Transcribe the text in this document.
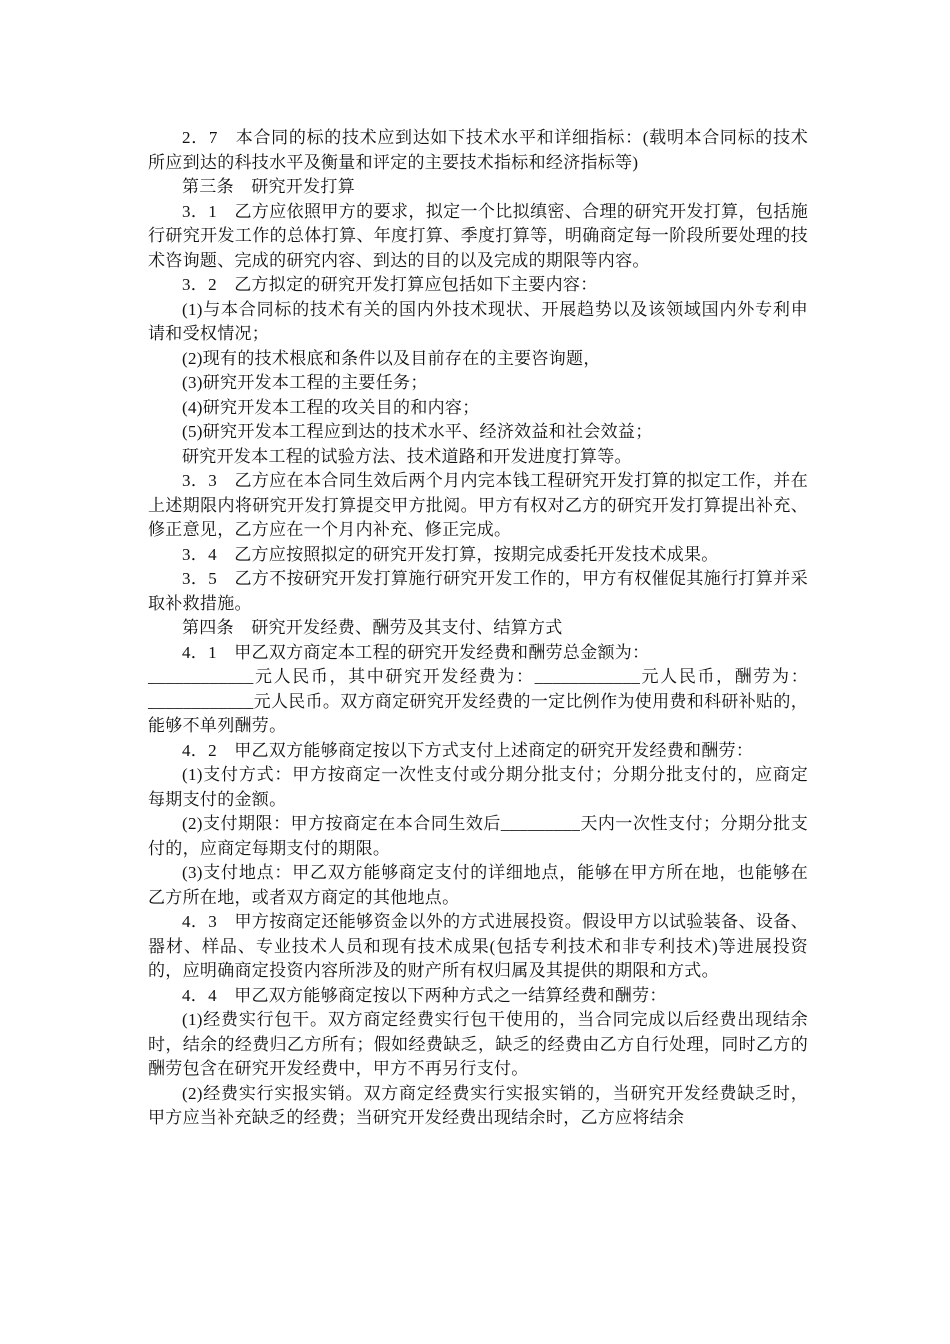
2．7　本合同的标的技术应到达如下技术水平和详细指标：(载明本合同标的技术所应到达的科技水平及衡量和评定的主要技术指标和经济指标等)

第三条　研究开发打算

3．1　乙方应依照甲方的要求，拟定一个比拟缜密、合理的研究开发打算，包括施行研究开发工作的总体打算、年度打算、季度打算等，明确商定每一阶段所要处理的技术咨询题、完成的研究内容、到达的目的以及完成的期限等内容。

3．2　乙方拟定的研究开发打算应包括如下主要内容：

(1)与本合同标的技术有关的国内外技术现状、开展趋势以及该领域国内外专利申请和受权情况；

(2)现有的技术根底和条件以及目前存在的主要咨询题，

(3)研究开发本工程的主要任务；

(4)研究开发本工程的攻关目的和内容；

(5)研究开发本工程应到达的技术水平、经济效益和社会效益；

研究开发本工程的试验方法、技术道路和开发进度打算等。

3．3　乙方应在本合同生效后两个月内完本钱工程研究开发打算的拟定工作，并在上述期限内将研究开发打算提交甲方批阅。甲方有权对乙方的研究开发打算提出补充、修正意见，乙方应在一个月内补充、修正完成。

3．4　乙方应按照拟定的研究开发打算，按期完成委托开发技术成果。

3．5　乙方不按研究开发打算施行研究开发工作的，甲方有权催促其施行打算并采取补救措施。

第四条　研究开发经费、酬劳及其支付、结算方式

4．1　甲乙双方商定本工程的研究开发经费和酬劳总金额为：

____________元人民币，其中研究开发经费为：____________元人民币，酬劳为：____________元人民币。双方商定研究开发经费的一定比例作为使用费和科研补贴的，能够不单列酬劳。

4．2　甲乙双方能够商定按以下方式支付上述商定的研究开发经费和酬劳：

(1)支付方式：甲方按商定一次性支付或分期分批支付；分期分批支付的，应商定每期支付的金额。

(2)支付期限：甲方按商定在本合同生效后_________天内一次性支付；分期分批支付的，应商定每期支付的期限。

(3)支付地点：甲乙双方能够商定支付的详细地点，能够在甲方所在地，也能够在乙方所在地，或者双方商定的其他地点。

4．3　甲方按商定还能够资金以外的方式进展投资。假设甲方以试验装备、设备、器材、样品、专业技术人员和现有技术成果(包括专利技术和非专利技术)等进展投资的，应明确商定投资内容所涉及的财产所有权归属及其提供的期限和方式。

4．4　甲乙双方能够商定按以下两种方式之一结算经费和酬劳：

(1)经费实行包干。双方商定经费实行包干使用的，当合同完成以后经费出现结余时，结余的经费归乙方所有；假如经费缺乏，缺乏的经费由乙方自行处理，同时乙方的酬劳包含在研究开发经费中，甲方不再另行支付。

(2)经费实行实报实销。双方商定经费实行实报实销的，当研究开发经费缺乏时，甲方应当补充缺乏的经费；当研究开发经费出现结余时，乙方应将结余
